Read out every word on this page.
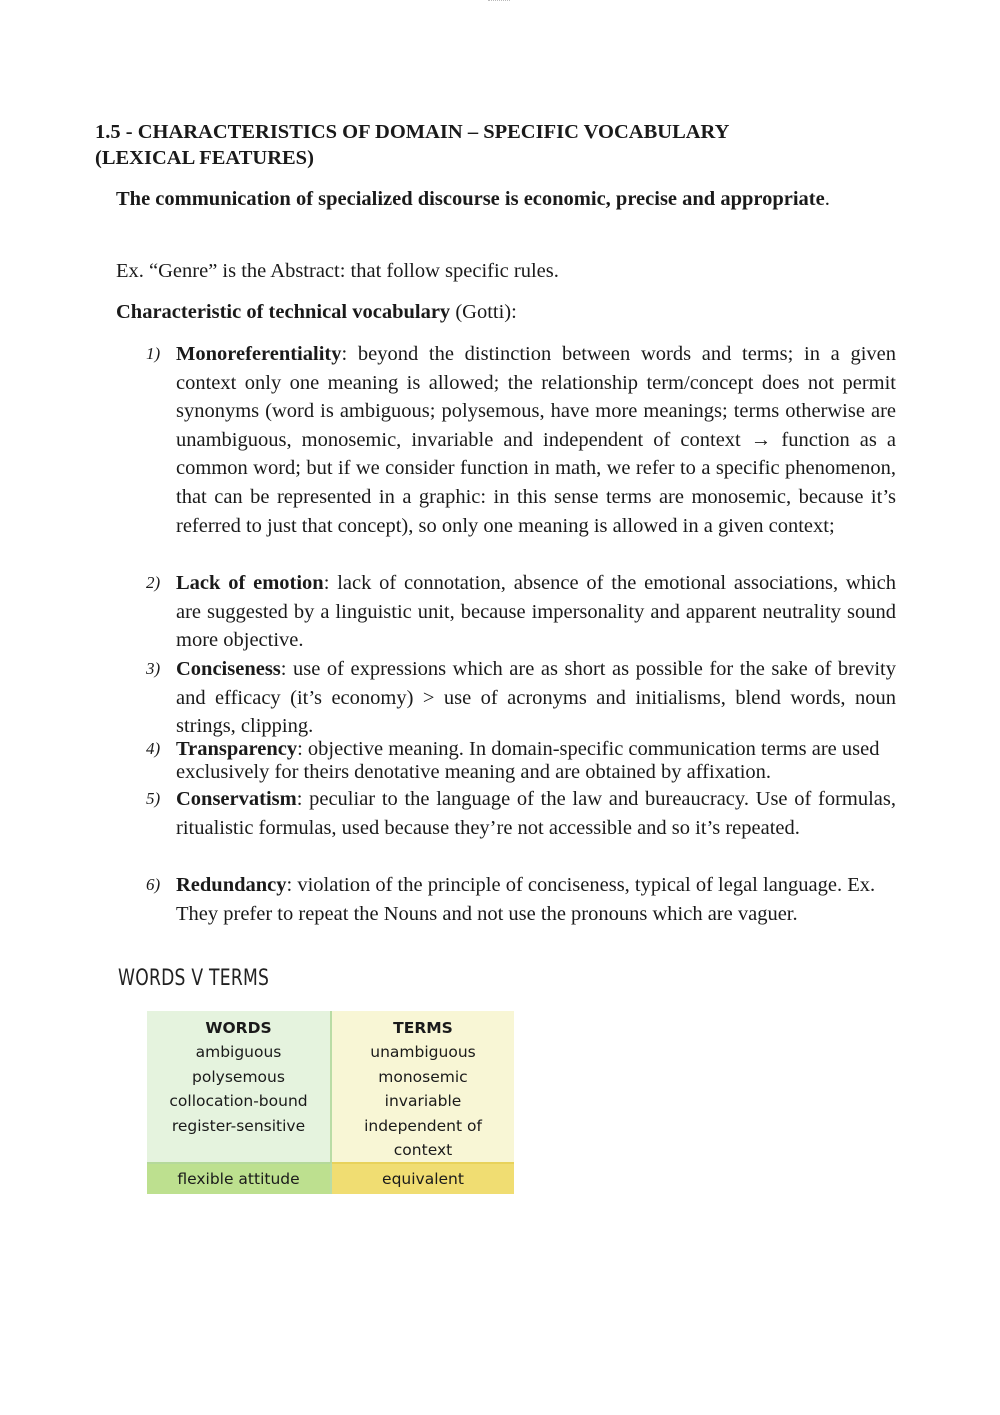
1.5 - CHARACTERISTICS OF DOMAIN – SPECIFIC VOCABULARY
(LEXICAL FEATURES)

The communication of specialized discourse is economic, precise and appropriate.

Ex. “Genre” is the Abstract: that follow specific rules.

Characteristic of technical vocabulary (Gotti):

1) Monoreferentiality: beyond the distinction between words and terms; in a given context only one meaning is allowed; the relationship term/concept does not permit synonyms (word is ambiguous; polysemous, have more meanings; terms otherwise are unambiguous, monosemic, invariable and independent of context → function as a common word; but if we consider function in math, we refer to a specific phenomenon, that can be represented in a graphic: in this sense terms are monosemic, because it’s referred to just that concept), so only one meaning is allowed in a given context;
2) Lack of emotion: lack of connotation, absence of the emotional associations, which are suggested by a linguistic unit, because impersonality and apparent neutrality sound more objective.
3) Conciseness: use of expressions which are as short as possible for the sake of brevity and efficacy (it’s economy) > use of acronyms and initialisms, blend words, noun strings, clipping.
4) Transparency: objective meaning. In domain-specific communication terms are used exclusively for theirs denotative meaning and are obtained by affixation.
5) Conservatism: peculiar to the language of the law and bureaucracy. Use of formulas, ritualistic formulas, used because they’re not accessible and so it’s repeated.
6) Redundancy: violation of the principle of conciseness, typical of legal language. Ex. They prefer to repeat the Nouns and not use the pronouns which are vaguer.
WORDS V TERMS
WORDS
ambiguous
polysemous
collocation-bound
register-sensitive
TERMS
unambiguous
monosemic
invariable
independent of context
flexible attitude	equivalent
